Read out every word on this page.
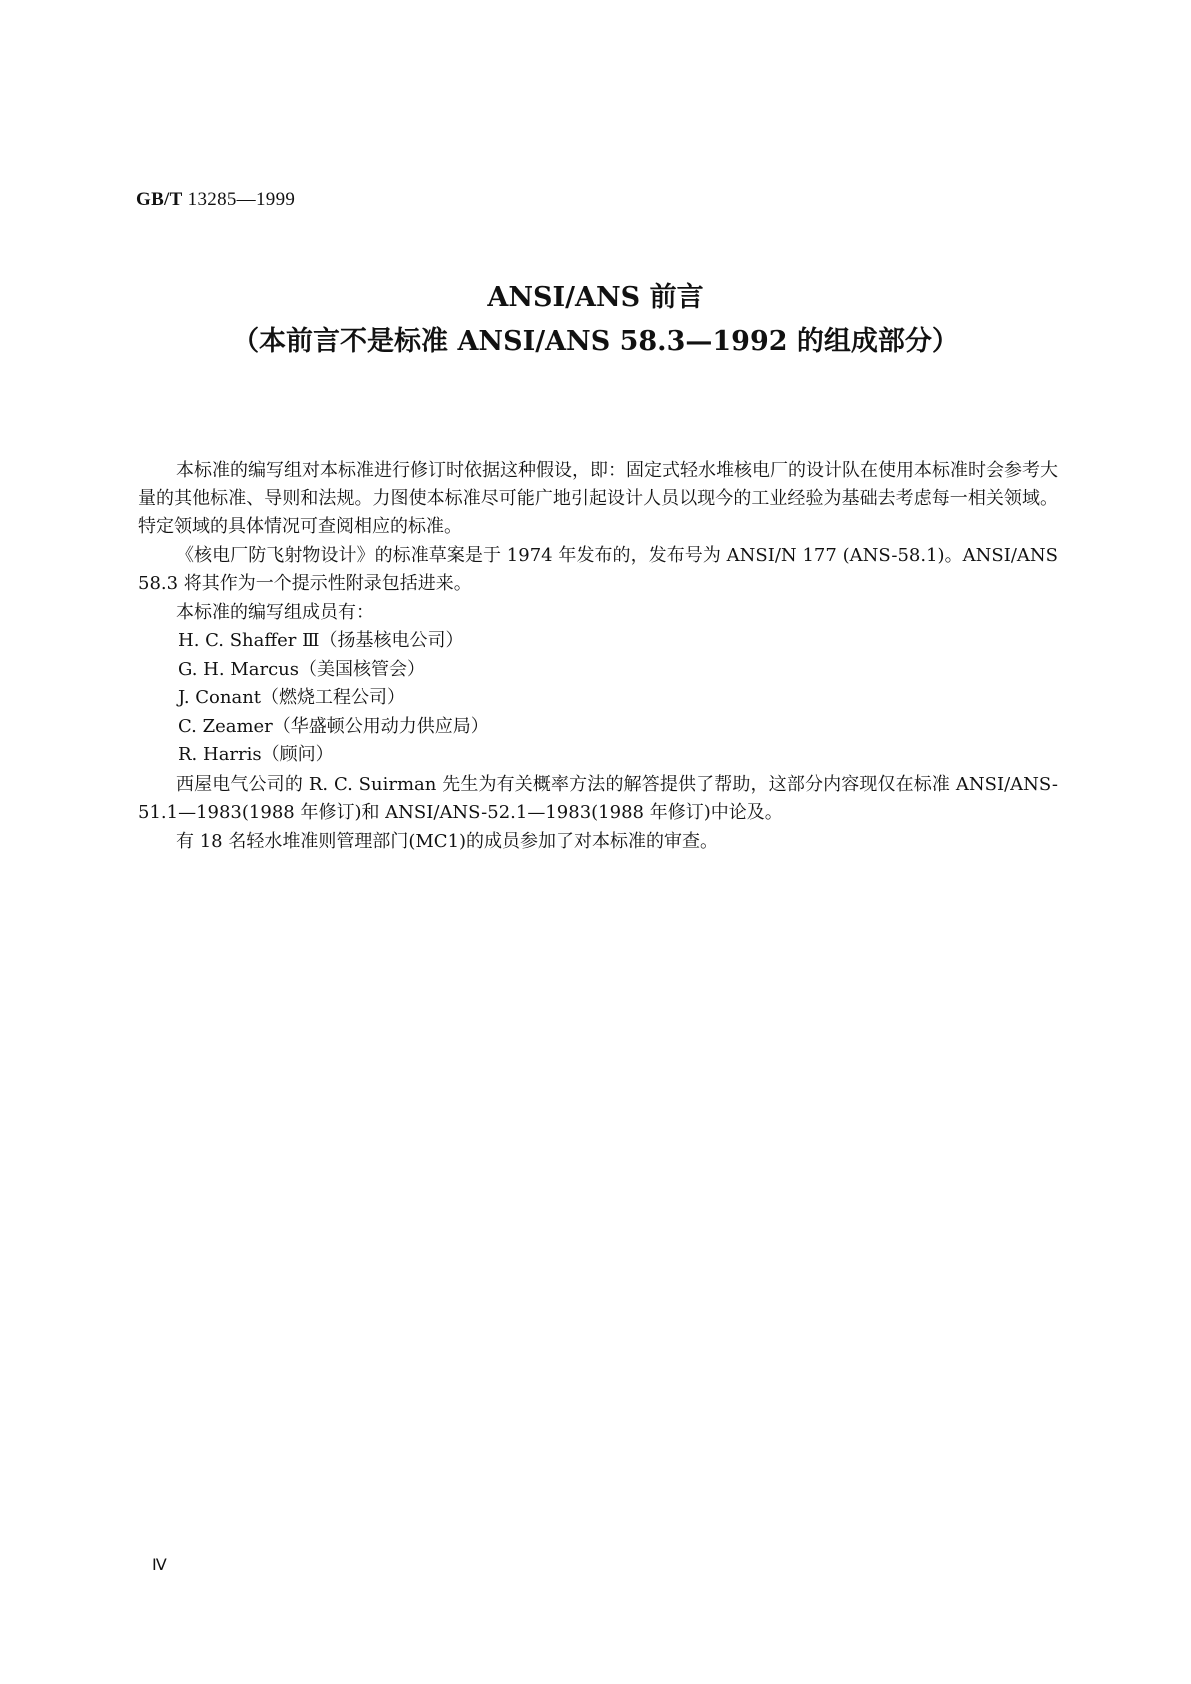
GB/T 13285—1999
ANSI/ANS 前言
（本前言不是标准 ANSI/ANS 58.3—1992 的组成部分）

本标准的编写组对本标准进行修订时依据这种假设，即：固定式轻水堆核电厂的设计队在使用本标准时会参考大量的其他标准、导则和法规。力图使本标准尽可能广地引起设计人员以现今的工业经验为基础去考虑每一相关领域。特定领域的具体情况可查阅相应的标准。

《核电厂防飞射物设计》的标准草案是于 1974 年发布的，发布号为 ANSI/N 177 (ANS-58.1)。ANSI/ANS 58.3 将其作为一个提示性附录包括进来。

本标准的编写组成员有：

H. C. Shaffer Ⅲ（扬基核电公司）

G. H. Marcus（美国核管会）

J. Conant（燃烧工程公司）

C. Zeamer（华盛顿公用动力供应局）

R. Harris（顾问）

西屋电气公司的 R. C. Suirman 先生为有关概率方法的解答提供了帮助，这部分内容现仅在标准 ANSI/ANS-51.1—1983(1988 年修订)和 ANSI/ANS-52.1—1983(1988 年修订)中论及。

有 18 名轻水堆准则管理部门(MC1)的成员参加了对本标准的审查。

Ⅳ
